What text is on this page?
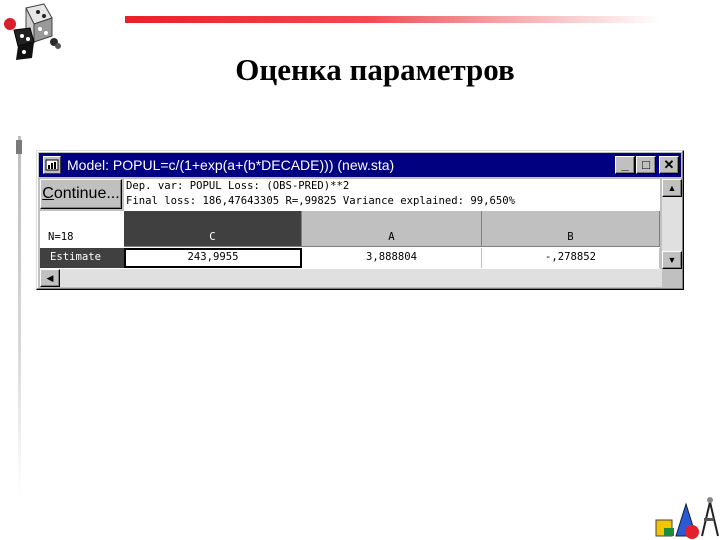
Оценка параметров
Model: POPUL=c/(1+exp(a+(b*DECADE))) (new.sta)	_	□	✕
Continue... Dep. var: POPUL Loss: (OBS-PRED)**2
Final loss: 186,47643305 R=,99825 Variance explained: 99,650%
N=18	C	A	B
Estimate	243,9955	3,888804	-,278852
▲
▼
◀
